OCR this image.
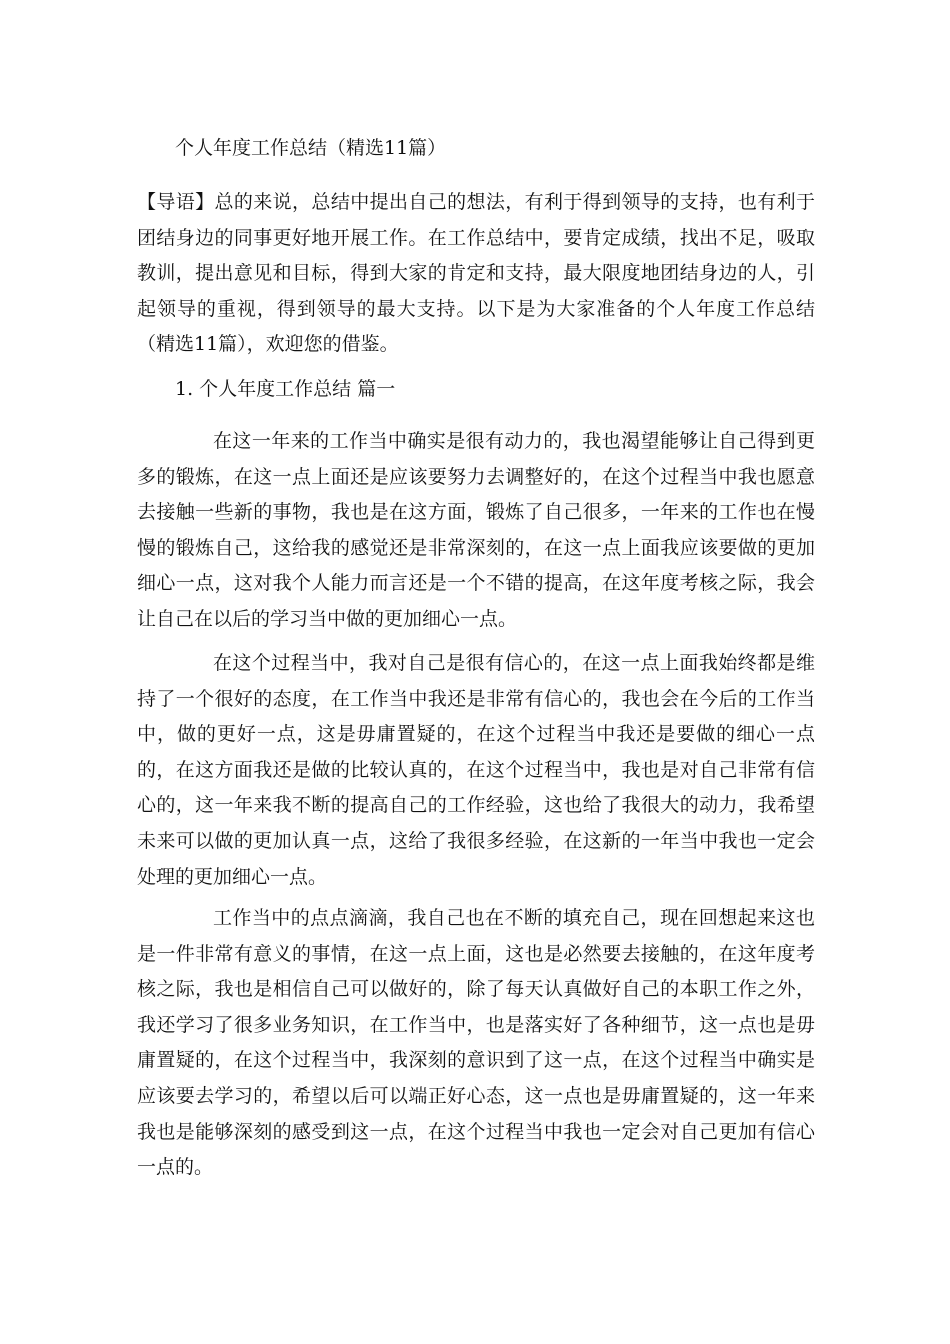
个人年度工作总结（精选11篇）

【导语】总的来说，总结中提出自己的想法，有利于得到领导的支持，也有利于团结身边的同事更好地开展工作。在工作总结中，要肯定成绩，找出不足，吸取教训，提出意见和目标，得到大家的肯定和支持，最大限度地团结身边的人，引起领导的重视，得到领导的最大支持。以下是为大家准备的个人年度工作总结（精选11篇），欢迎您的借鉴。

1. 个人年度工作总结 篇一

在这一年来的工作当中确实是很有动力的，我也渴望能够让自己得到更多的锻炼，在这一点上面还是应该要努力去调整好的，在这个过程当中我也愿意去接触一些新的事物，我也是在这方面，锻炼了自己很多，一年来的工作也在慢慢的锻炼自己，这给我的感觉还是非常深刻的，在这一点上面我应该要做的更加细心一点，这对我个人能力而言还是一个不错的提高，在这年度考核之际，我会让自己在以后的学习当中做的更加细心一点。

在这个过程当中，我对自己是很有信心的，在这一点上面我始终都是维持了一个很好的态度，在工作当中我还是非常有信心的，我也会在今后的工作当中，做的更好一点，这是毋庸置疑的，在这个过程当中我还是要做的细心一点的，在这方面我还是做的比较认真的，在这个过程当中，我也是对自己非常有信心的，这一年来我不断的提高自己的工作经验，这也给了我很大的动力，我希望未来可以做的更加认真一点，这给了我很多经验，在这新的一年当中我也一定会处理的更加细心一点。

工作当中的点点滴滴，我自己也在不断的填充自己，现在回想起来这也是一件非常有意义的事情，在这一点上面，这也是必然要去接触的，在这年度考核之际，我也是相信自己可以做好的，除了每天认真做好自己的本职工作之外，我还学习了很多业务知识，在工作当中，也是落实好了各种细节，这一点也是毋庸置疑的，在这个过程当中，我深刻的意识到了这一点，在这个过程当中确实是应该要去学习的，希望以后可以端正好心态，这一点也是毋庸置疑的，这一年来我也是能够深刻的感受到这一点，在这个过程当中我也一定会对自己更加有信心一点的。
